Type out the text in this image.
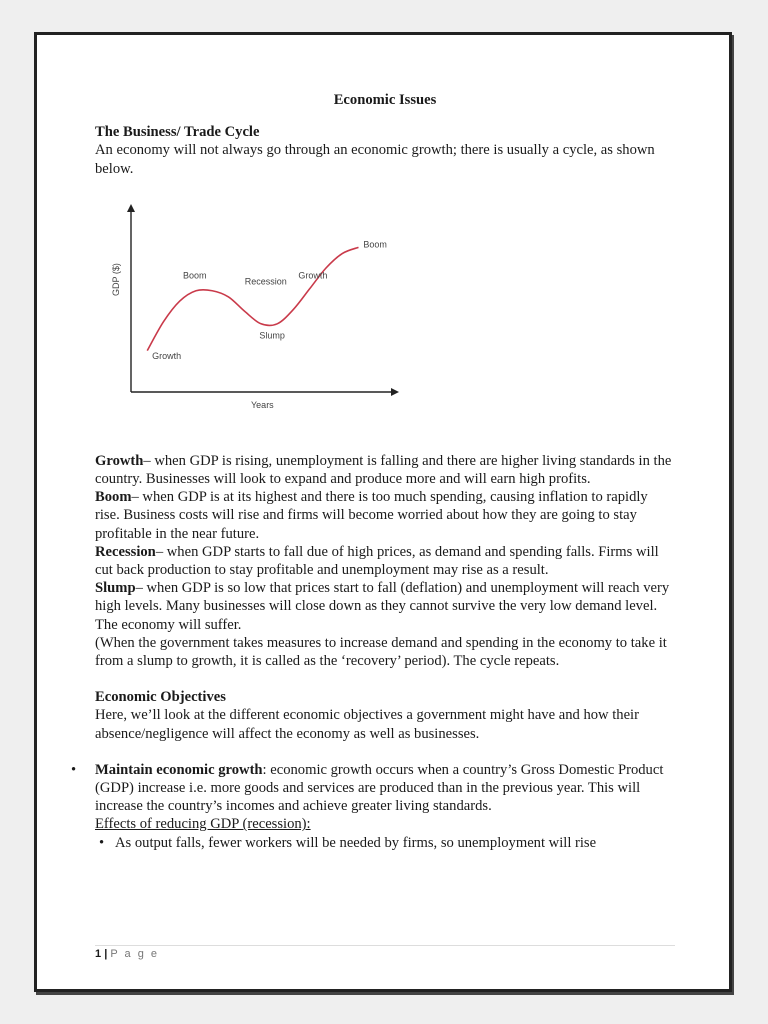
Economic Issues

The Business/ Trade Cycle

An economy will not always go through an economic growth; there is usually a cycle, as shown below.

Growth
Boom
Recession
Slump
Growth
Boom
Years
GDP ($)

Growth– when GDP is rising, unemployment is falling and there are higher living standards in the country. Businesses will look to expand and produce more and will earn high profits.

Boom– when GDP is at its highest and there is too much spending, causing inflation to rapidly rise. Business costs will rise and firms will become worried about how they are going to stay profitable in the near future.

Recession– when GDP starts to fall due of high prices, as demand and spending falls. Firms will cut back production to stay profitable and unemployment may rise as a result.

Slump– when GDP is so low that prices start to fall (deflation) and unemployment will reach very high levels. Many businesses will close down as they cannot survive the very low demand level. The economy will suffer.

(When the government takes measures to increase demand and spending in the economy to take it from a slump to growth, it is called as the ‘recovery’ period). The cycle repeats.

Economic Objectives

Here, we’ll look at the different economic objectives a government might have and how their absence/negligence will affect the economy as well as businesses.

• Maintain economic growth: economic growth occurs when a country’s Gross Domestic Product (GDP) increase i.e. more goods and services are produced than in the previous year. This will increase the country’s incomes and achieve greater living standards.

Effects of reducing GDP (recession):

• As output falls, fewer workers will be needed by firms, so unemployment will rise

1 | P a g e
